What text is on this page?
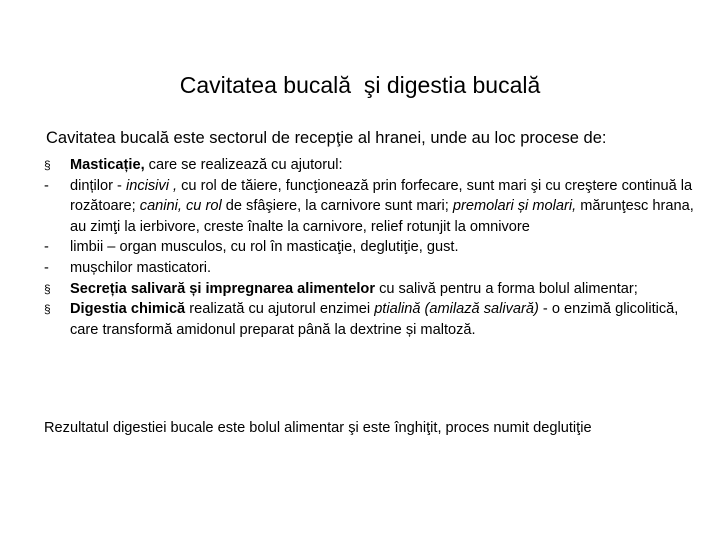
Cavitatea bucală  şi digestia bucală
Cavitatea bucală este sectorul de recepţie al hranei, unde au loc procese de:
§	Masticație, care se realizează cu ajutorul:
-	dinților - incisivi , cu rol de tăiere, funcţionează prin forfecare, sunt mari şi cu creştere continuă la rozătoare; canini, cu rol de sfâşiere, la carnivore sunt mari; premolari și molari, mărunţesc hrana, au zimţi la ierbivore, creste înalte la carnivore, relief rotunjit la omnivore
-	limbii – organ musculos, cu rol în masticaţie, deglutiţie, gust.
-	mușchilor masticatori.
§	Secreția salivară și impregnarea alimentelor cu salivă pentru a forma bolul alimentar;
§	Digestia chimică realizată cu ajutorul enzimei ptialină (amilază salivară) - o enzimă glicolitică, care transformă amidonul preparat până la dextrine și maltoză.
Rezultatul digestiei bucale este bolul alimentar şi este înghiţit, proces numit deglutiţie
